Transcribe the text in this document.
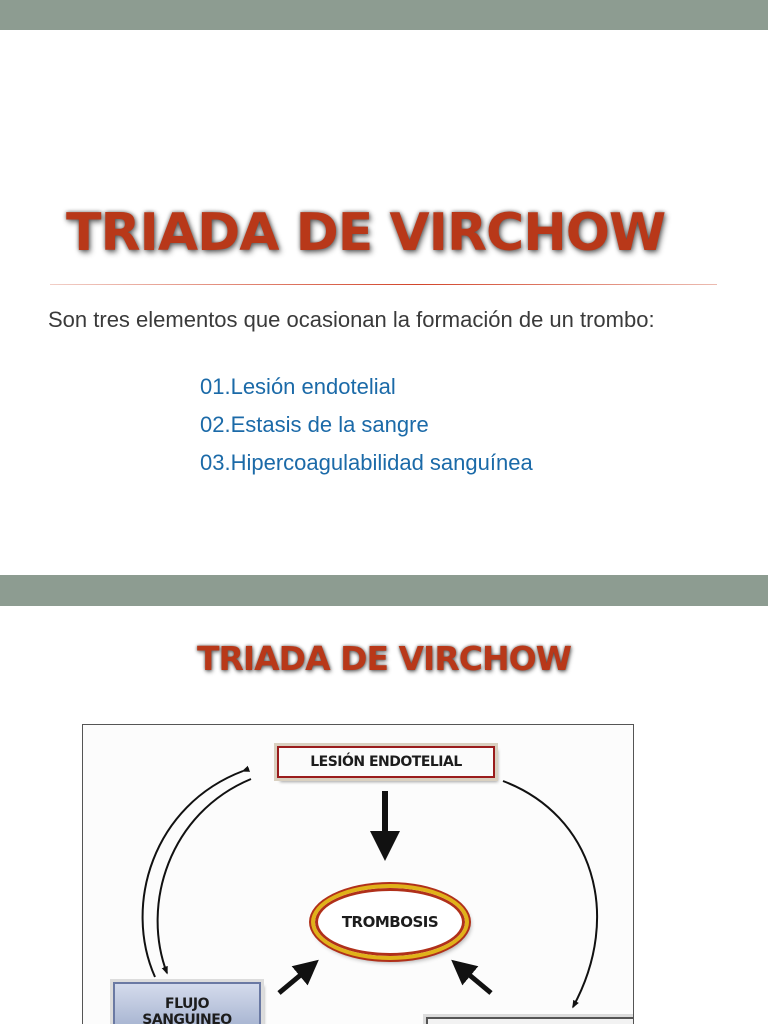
TRIADA DE VIRCHOW

Son tres elementos que ocasionan la formación de un trombo:

01.Lesión endotelial
02.Estasis de la sangre
03.Hipercoagulabilidad sanguínea
TRIADA DE VIRCHOW
LESIÓN ENDOTELIAL
TROMBOSIS
FLUJO
SANGUINEO
